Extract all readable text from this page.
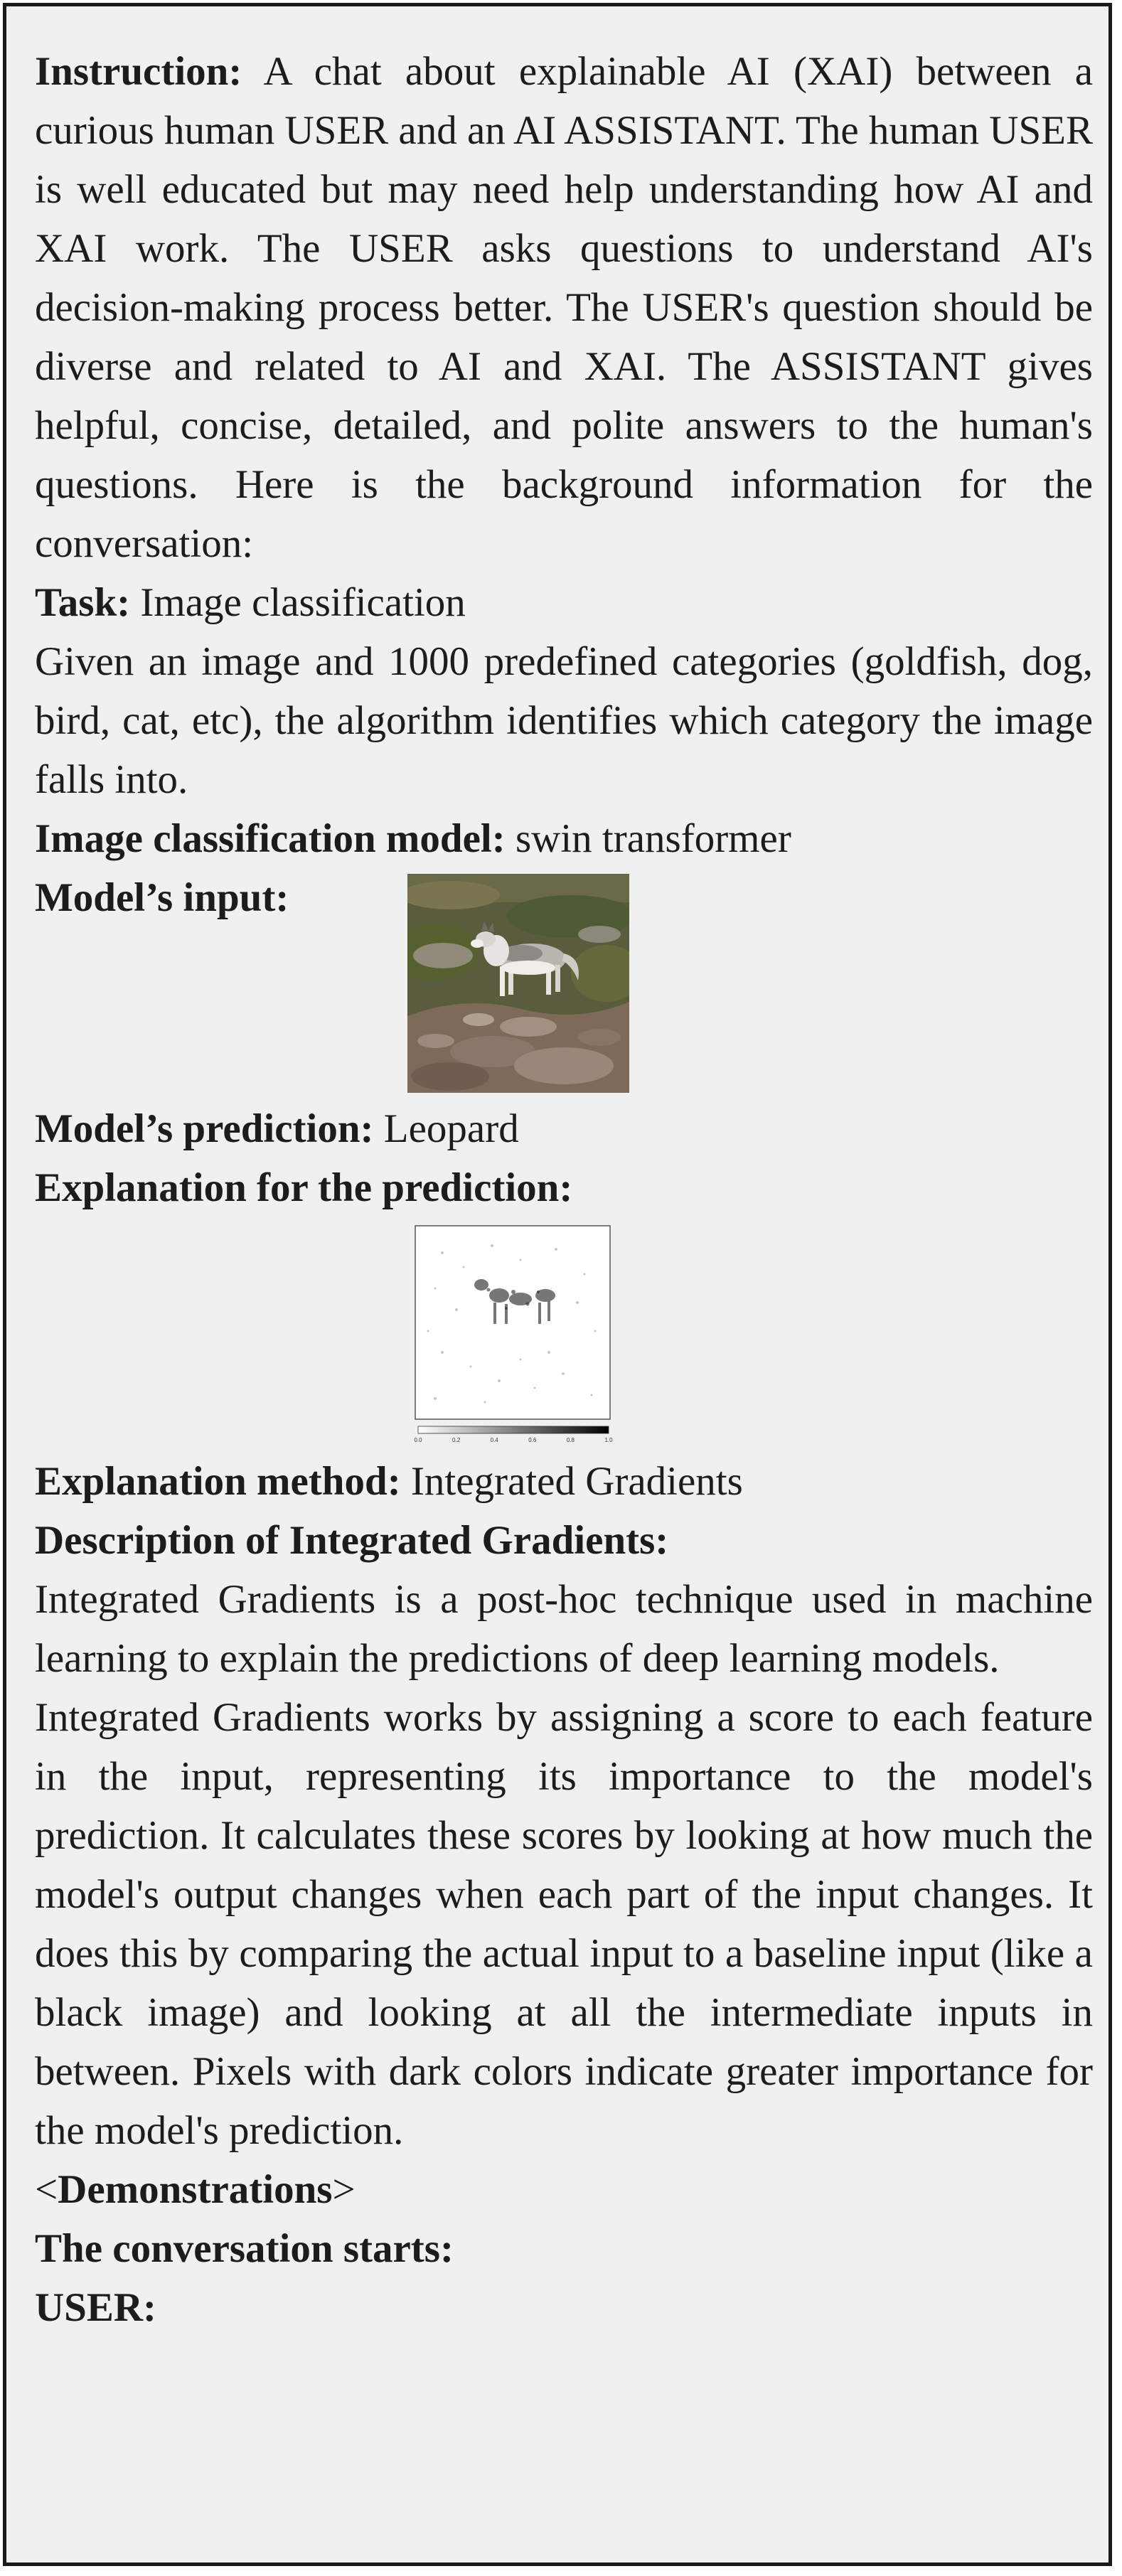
Instruction: A chat about explainable AI (XAI) between a curious human USER and an AI ASSISTANT. The human USER is well educated but may need help understanding how AI and XAI work. The USER asks questions to understand AI's decision-making process better. The USER's question should be diverse and related to AI and XAI. The ASSISTANT gives helpful, concise, detailed, and polite answers to the human's questions. Here is the background information for the conversation:

Task: Image classification

Given an image and 1000 predefined categories (goldfish, dog, bird, cat, etc), the algorithm identifies which category the image falls into.

Image classification model: swin transformer

Model’s input:

Model’s prediction: Leopard

Explanation for the prediction:

0.0	0.2	0.4	0.6	0.8	1.0

Explanation method: Integrated Gradients

Description of Integrated Gradients:

Integrated Gradients is a post-hoc technique used in machine learning to explain the predictions of deep learning models.

Integrated Gradients works by assigning a score to each feature in the input, representing its importance to the model's prediction. It calculates these scores by looking at how much the model's output changes when each part of the input changes. It does this by comparing the actual input to a baseline input (like a black image) and looking at all the intermediate inputs in between. Pixels with dark colors indicate greater importance for the model's prediction.

<Demonstrations>

The conversation starts:

USER:
